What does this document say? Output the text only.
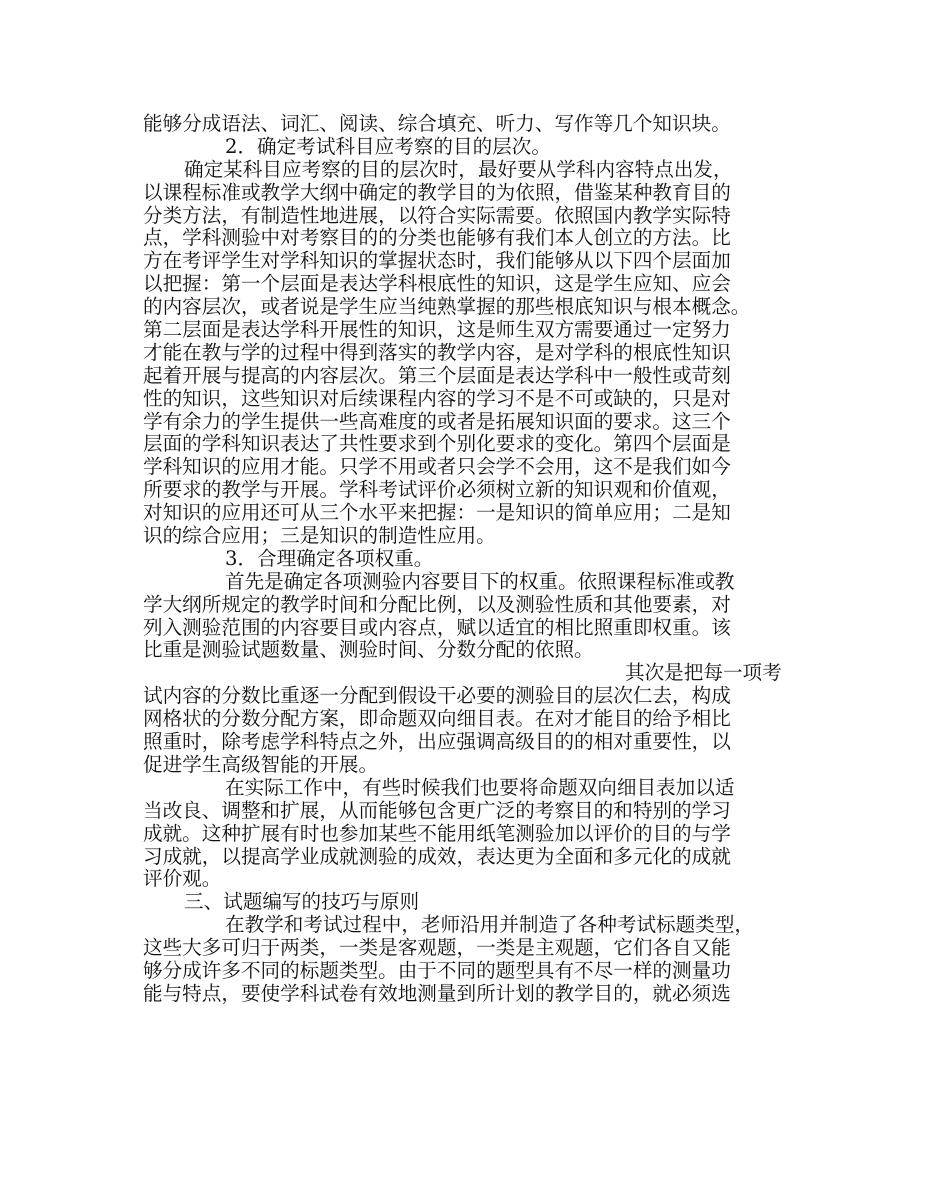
能够分成语法、词汇、阅读、综合填充、听力、写作等几个知识块。
2．确定考试科目应考察的目的层次。
确定某科目应考察的目的层次时，最好要从学科内容特点出发，
以课程标准或教学大纲中确定的教学目的为依照，借鉴某种教育目的
分类方法，有制造性地进展，以符合实际需要。依照国内教学实际特
点，学科测验中对考察目的的分类也能够有我们本人创立的方法。比
方在考评学生对学科知识的掌握状态时，我们能够从以下四个层面加
以把握：第一个层面是表达学科根底性的知识，这是学生应知、应会
的内容层次，或者说是学生应当纯熟掌握的那些根底知识与根本概念。
第二层面是表达学科开展性的知识，这是师生双方需要通过一定努力
才能在教与学的过程中得到落实的教学内容，是对学科的根底性知识
起着开展与提高的内容层次。第三个层面是表达学科中一般性或苛刻
性的知识，这些知识对后续课程内容的学习不是不可或缺的，只是对
学有余力的学生提供一些高难度的或者是拓展知识面的要求。这三个
层面的学科知识表达了共性要求到个别化要求的变化。第四个层面是
学科知识的应用才能。只学不用或者只会学不会用，这不是我们如今
所要求的教学与开展。学科考试评价必须树立新的知识观和价值观，
对知识的应用还可从三个水平来把握：一是知识的简单应用；二是知
识的综合应用；三是知识的制造性应用。
3．合理确定各项权重。
首先是确定各项测验内容要目下的权重。依照课程标准或教
学大纲所规定的教学时间和分配比例，以及测验性质和其他要素，对
列入测验范围的内容要目或内容点，赋以适宜的相比照重即权重。该
比重是测验试题数量、测验时间、分数分配的依照。
其次是把每一项考
试内容的分数比重逐一分配到假设干必要的测验目的层次仁去，构成
网格状的分数分配方案，即命题双向细目表。在对才能目的给予相比
照重时，除考虑学科特点之外，出应强调高级目的的相对重要性，以
促进学生高级智能的开展。
在实际工作中，有些时候我们也要将命题双向细目表加以适
当改良、调整和扩展，从而能够包含更广泛的考察目的和特别的学习
成就。这种扩展有时也参加某些不能用纸笔测验加以评价的目的与学
习成就，以提高学业成就测验的成效，表达更为全面和多元化的成就
评价观。
三、试题编写的技巧与原则
在教学和考试过程中，老师沿用并制造了各种考试标题类型，
这些大多可归于两类，一类是客观题，一类是主观题，它们各自又能
够分成许多不同的标题类型。由于不同的题型具有不尽一样的测量功
能与特点，要使学科试卷有效地测量到所计划的教学目的，就必须选
